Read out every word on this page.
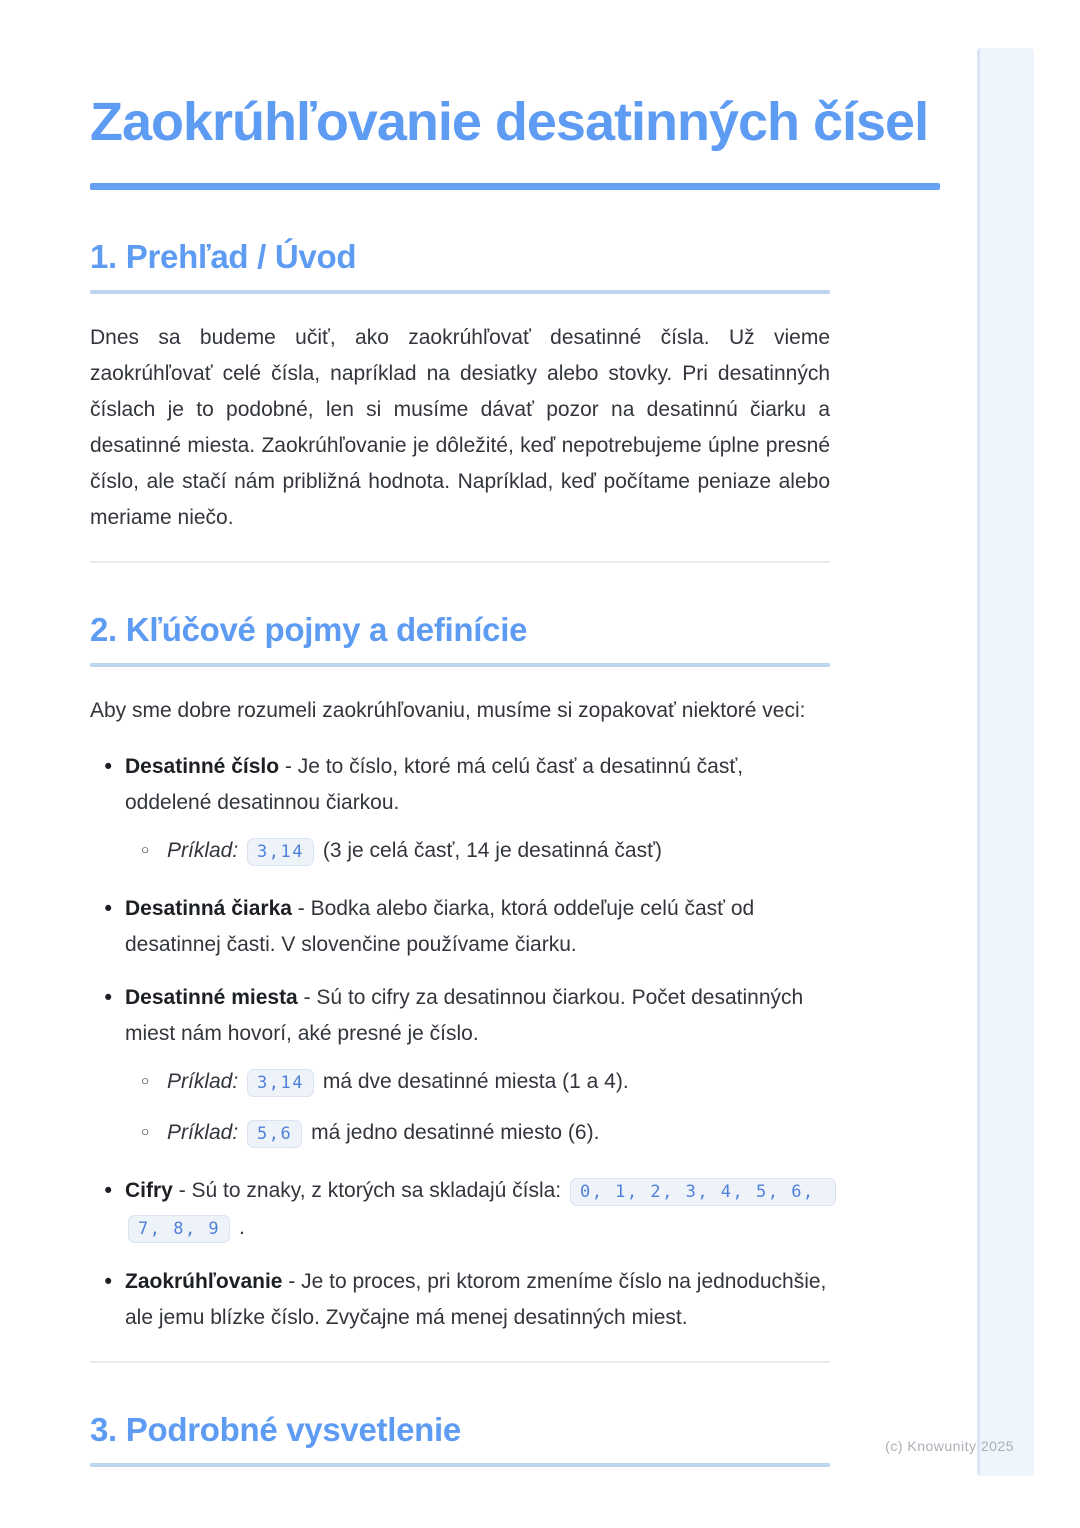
Zaokrúhľovanie desatinných čísel
1. Prehľad / Úvod

Dnes sa budeme učiť, ako zaokrúhľovať desatinné čísla. Už vieme zaokrúhľovať celé čísla, napríklad na desiatky alebo stovky. Pri desatinných číslach je to podobné, len si musíme dávať pozor na desatinnú čiarku a desatinné miesta. Zaokrúhľovanie je dôležité, keď nepotrebujeme úplne presné číslo, ale stačí nám približná hodnota. Napríklad, keď počítame peniaze alebo meriame niečo.

2. Kľúčové pojmy a definície

Aby sme dobre rozumeli zaokrúhľovaniu, musíme si zopakovať niektoré veci:

• Desatinné číslo - Je to číslo, ktoré má celú časť a desatinnú časť, oddelené desatinnou čiarkou.
◦ Príklad: 3,14 (3 je celá časť, 14 je desatinná časť)
• Desatinná čiarka - Bodka alebo čiarka, ktorá oddeľuje celú časť od desatinnej časti. V slovenčine používame čiarku.
• Desatinné miesta - Sú to cifry za desatinnou čiarkou. Počet desatinných miest nám hovorí, aké presné je číslo.
◦ Príklad: 3,14 má dve desatinné miesta (1 a 4).
◦ Príklad: 5,6 má jedno desatinné miesto (6).
• Cifry - Sú to znaky, z ktorých sa skladajú čísla: 0, 1, 2, 3, 4, 5, 6, 7, 8, 9 .
• Zaokrúhľovanie - Je to proces, pri ktorom zmeníme číslo na jednoduchšie, ale jemu blízke číslo. Zvyčajne má menej desatinných miest.
3. Podrobné vysvetlenie	(c) Knowunity 2025
